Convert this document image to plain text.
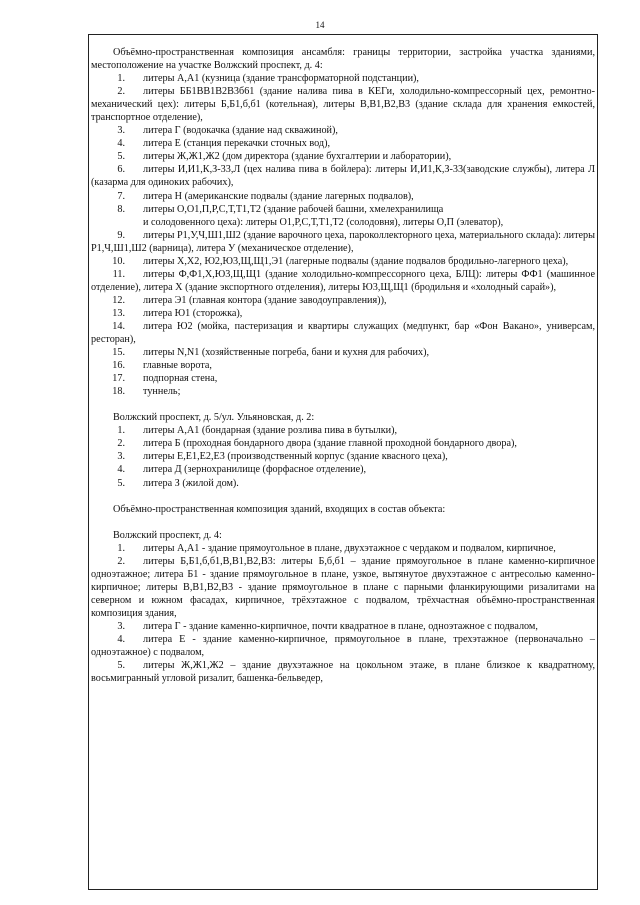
14

Объёмно-пространственная композиция ансамбля: границы территории, застройка участка зданиями, местоположение на участке Волжский проспект, д. 4:

1. литеры А,А1 (кузница (здание трансформаторной подстанции),

2. литеры ББ1ВВ1В2В3б61 (здание налива пива в КЕГи, холодильно-компрессорный цех, ремонтно-механический цех): литеры Б,Б1,б,б1 (котельная), литеры В,В1,В2,В3 (здание склада для хранения емкостей, транспортное отделение),

3. литера Г (водокачка (здание над скважиной),

4. литера Е (станция перекачки сточных вод),

5. литеры Ж,Ж1,Ж2 (дом директора (здание бухгалтерии и лаборатории),

6. литеры И,И1,К,З-33,Л (цех налива пива в бойлера): литеры И,И1,К,З-33(заводские службы), литера Л (казарма для одиноких рабочих),

7. литера Н (американские подвалы (здание лагерных подвалов),

8. литеры О,О1,П,Р,С,Т,Т1,Т2 (здание рабочей башни, хмелехранилища

и солодовенного цеха): литеры О1,Р,С,Т,Т1,Т2 (солодовня), литеры О,П (элеватор),

9. литеры Р1,У,Ч,Ш1,Ш2 (здание варочного цеха, пароколлекторного цеха, материального склада): литеры Р1,Ч,Ш1,Ш2 (варница), литера У (механическое отделение),

10. литеры Х,Х2, Ю2,Ю3,Щ,Щ1,Э1 (лагерные подвалы (здание подвалов бродильно-лагерного цеха),

11. литеры Ф,Ф1,Х,Ю3,Щ,Щ1 (здание холодильно-компрессорного цеха, БЛЦ): литеры ФФ1 (машинное отделение), литера Х (здание экспортного отделения), литеры Ю3,Щ,Щ1 (бродильня и «холодный сарай»),

12. литера Э1 (главная контора (здание заводоуправления)),

13. литера Ю1 (сторожка),

14. литера Ю2 (мойка, пастеризация и квартиры служащих (медпункт, бар «Фон Вакано», универсам, ресторан),

15. литеры N,N1 (хозяйственные погреба, бани и кухня для рабочих),

16. главные ворота,

17. подпорная стена,

18. туннель;

Волжский проспект, д. 5/ул. Ульяновская, д. 2:

1. литеры А,А1 (бондарная (здание розлива пива в бутылки),

2. литера Б (проходная бондарного двора (здание главной проходной бондарного двора),

3. литеры Е,Е1,Е2,Е3 (производственный корпус (здание квасного цеха),

4. литера Д (зернохранилище (форфасное отделение),

5. литера З (жилой дом).

Объёмно-пространственная композиция зданий, входящих в состав объекта:

Волжский проспект, д. 4:

1. литеры А,А1 - здание прямоугольное в плане, двухэтажное с чердаком и подвалом, кирпичное,

2. литеры Б,Б1,б,б1,В,В1,В2,В3: литеры Б,б,б1 – здание прямоугольное в плане каменно-кирпичное одноэтажное; литера Б1 - здание прямоугольное в плане, узкое, вытянутое двухэтажное с антресолью каменно-кирпичное; литеры В,В1,В2,В3 - здание прямоугольное в плане с парными фланкирующими ризалитами на северном и южном фасадах, кирпичное, трёхэтажное с подвалом, трёхчастная объёмно-пространственная композиция здания,

3. литера Г - здание каменно-кирпичное, почти квадратное в плане, одноэтажное с подвалом,

4. литера Е - здание каменно-кирпичное, прямоугольное в плане, трехэтажное (первоначально – одноэтажное) с подвалом,

5. литеры Ж,Ж1,Ж2 – здание двухэтажное на цокольном этаже, в плане близкое к квадратному, восьмигранный угловой ризалит, башенка-бельведер,
